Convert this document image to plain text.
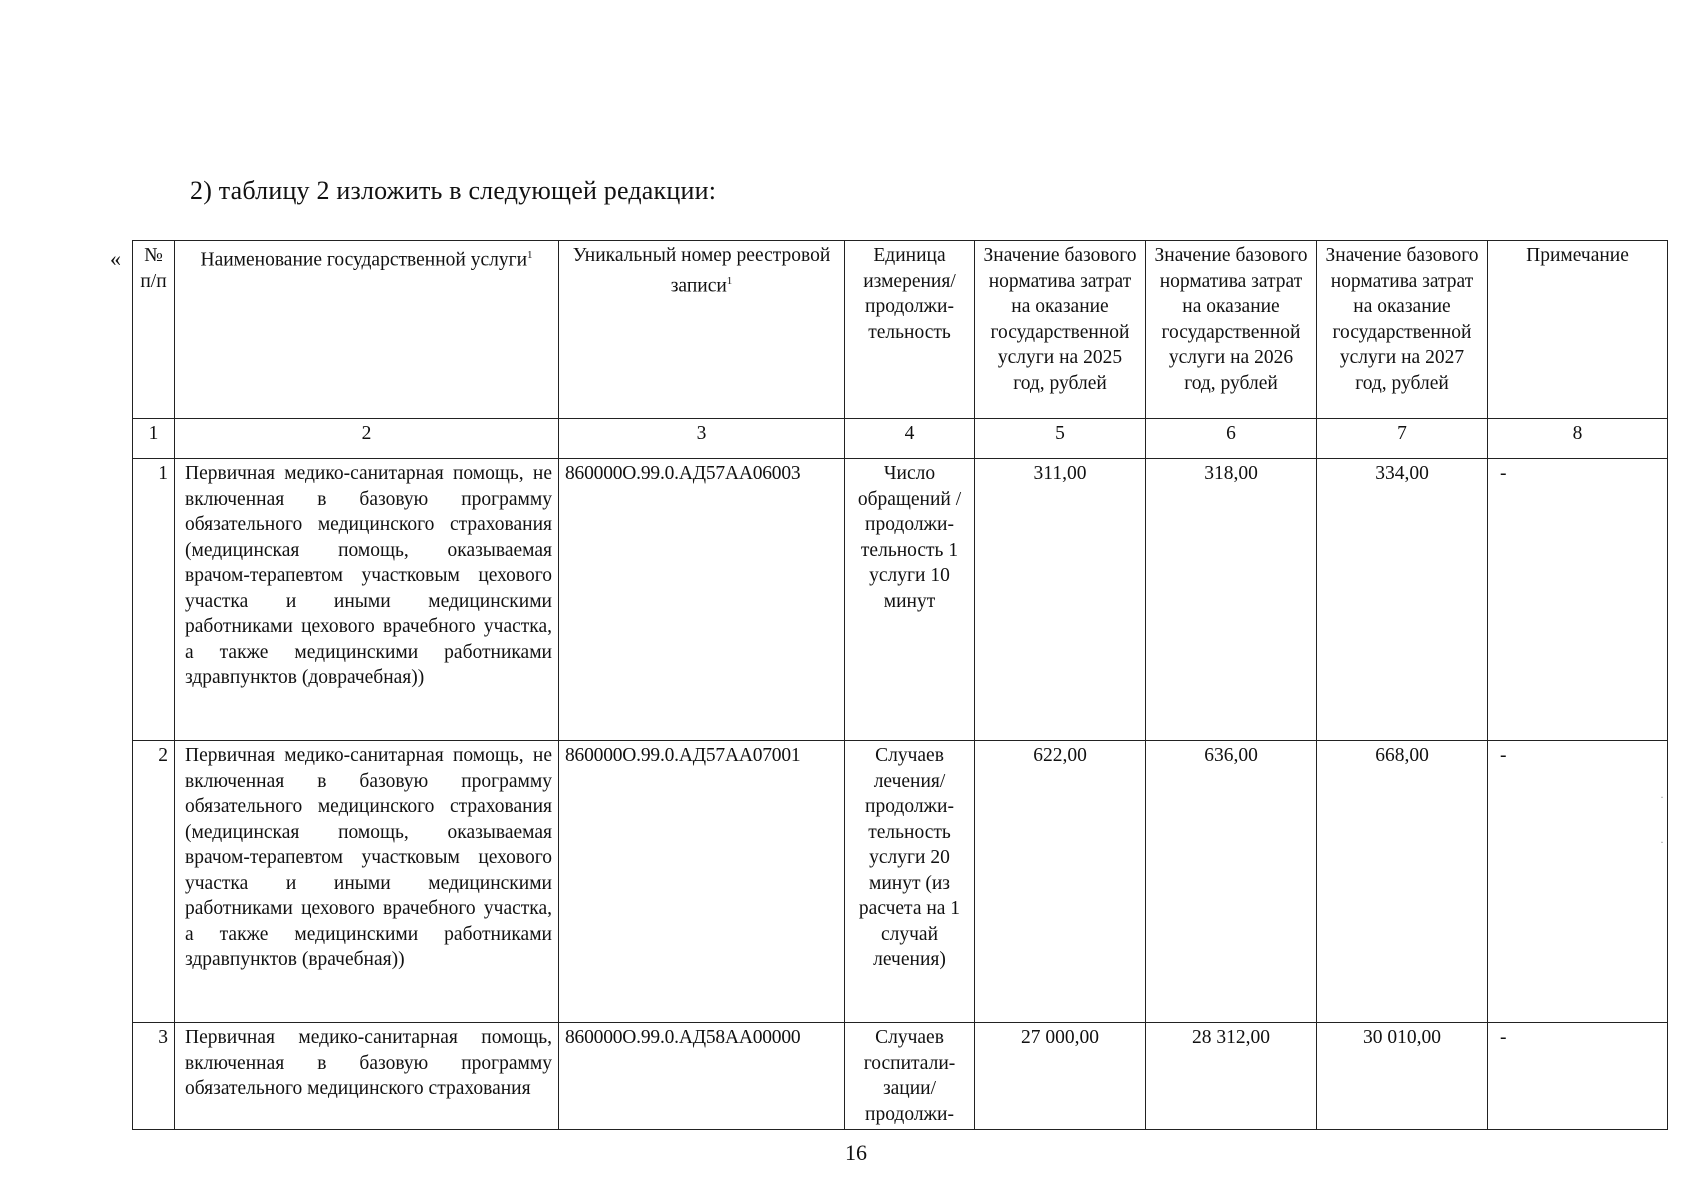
2) таблицу 2 изложить в следующей редакции:
« № п/п	Наименование государственной услуги$^1$	Уникальный номер реестровой записи$^1$	Единица измерения/ продолжи-тельность	Значение базового норматива затрат на оказание государственной услуги на 2025 год, рублей	Значение базового норматива затрат на оказание государственной услуги на 2026 год, рублей	Значение базового норматива затрат на оказание государственной услуги на 2027 год, рублей	Примечание
1	2	3	4	5	6	7	8
1	Первичная медико-санитарная помощь, не включенная в базовую программу обязательного медицинского страхования (медицинская помощь, оказываемая врачом-терапевтом участковым цехового участка и иными медицинскими работниками цехового врачебного участка, а также медицинскими работниками здравпунктов (доврачебная))	860000О.99.0.АД57АА06003	Число обращений / продолжи-тельность 1 услуги 10 минут	311,00	318,00	334,00	-
2	Первичная медико-санитарная помощь, не включенная в базовую программу обязательного медицинского страхования (медицинская помощь, оказываемая врачом-терапевтом участковым цехового участка и иными медицинскими работниками цехового врачебного участка, а также медицинскими работниками здравпунктов (врачебная))	860000О.99.0.АД57АА07001	Случаев лечения/ продолжи-тельность услуги 20 минут (из расчета на 1 случай лечения)	622,00	636,00	668,00	-
3	Первичная медико-санитарная помощь, включенная в базовую программу обязательного медицинского страхования	860000О.99.0.АД58АА00000	Случаев госпитали-зации/ продолжи-	27 000,00	28 312,00	30 010,00	-
16
·
·
